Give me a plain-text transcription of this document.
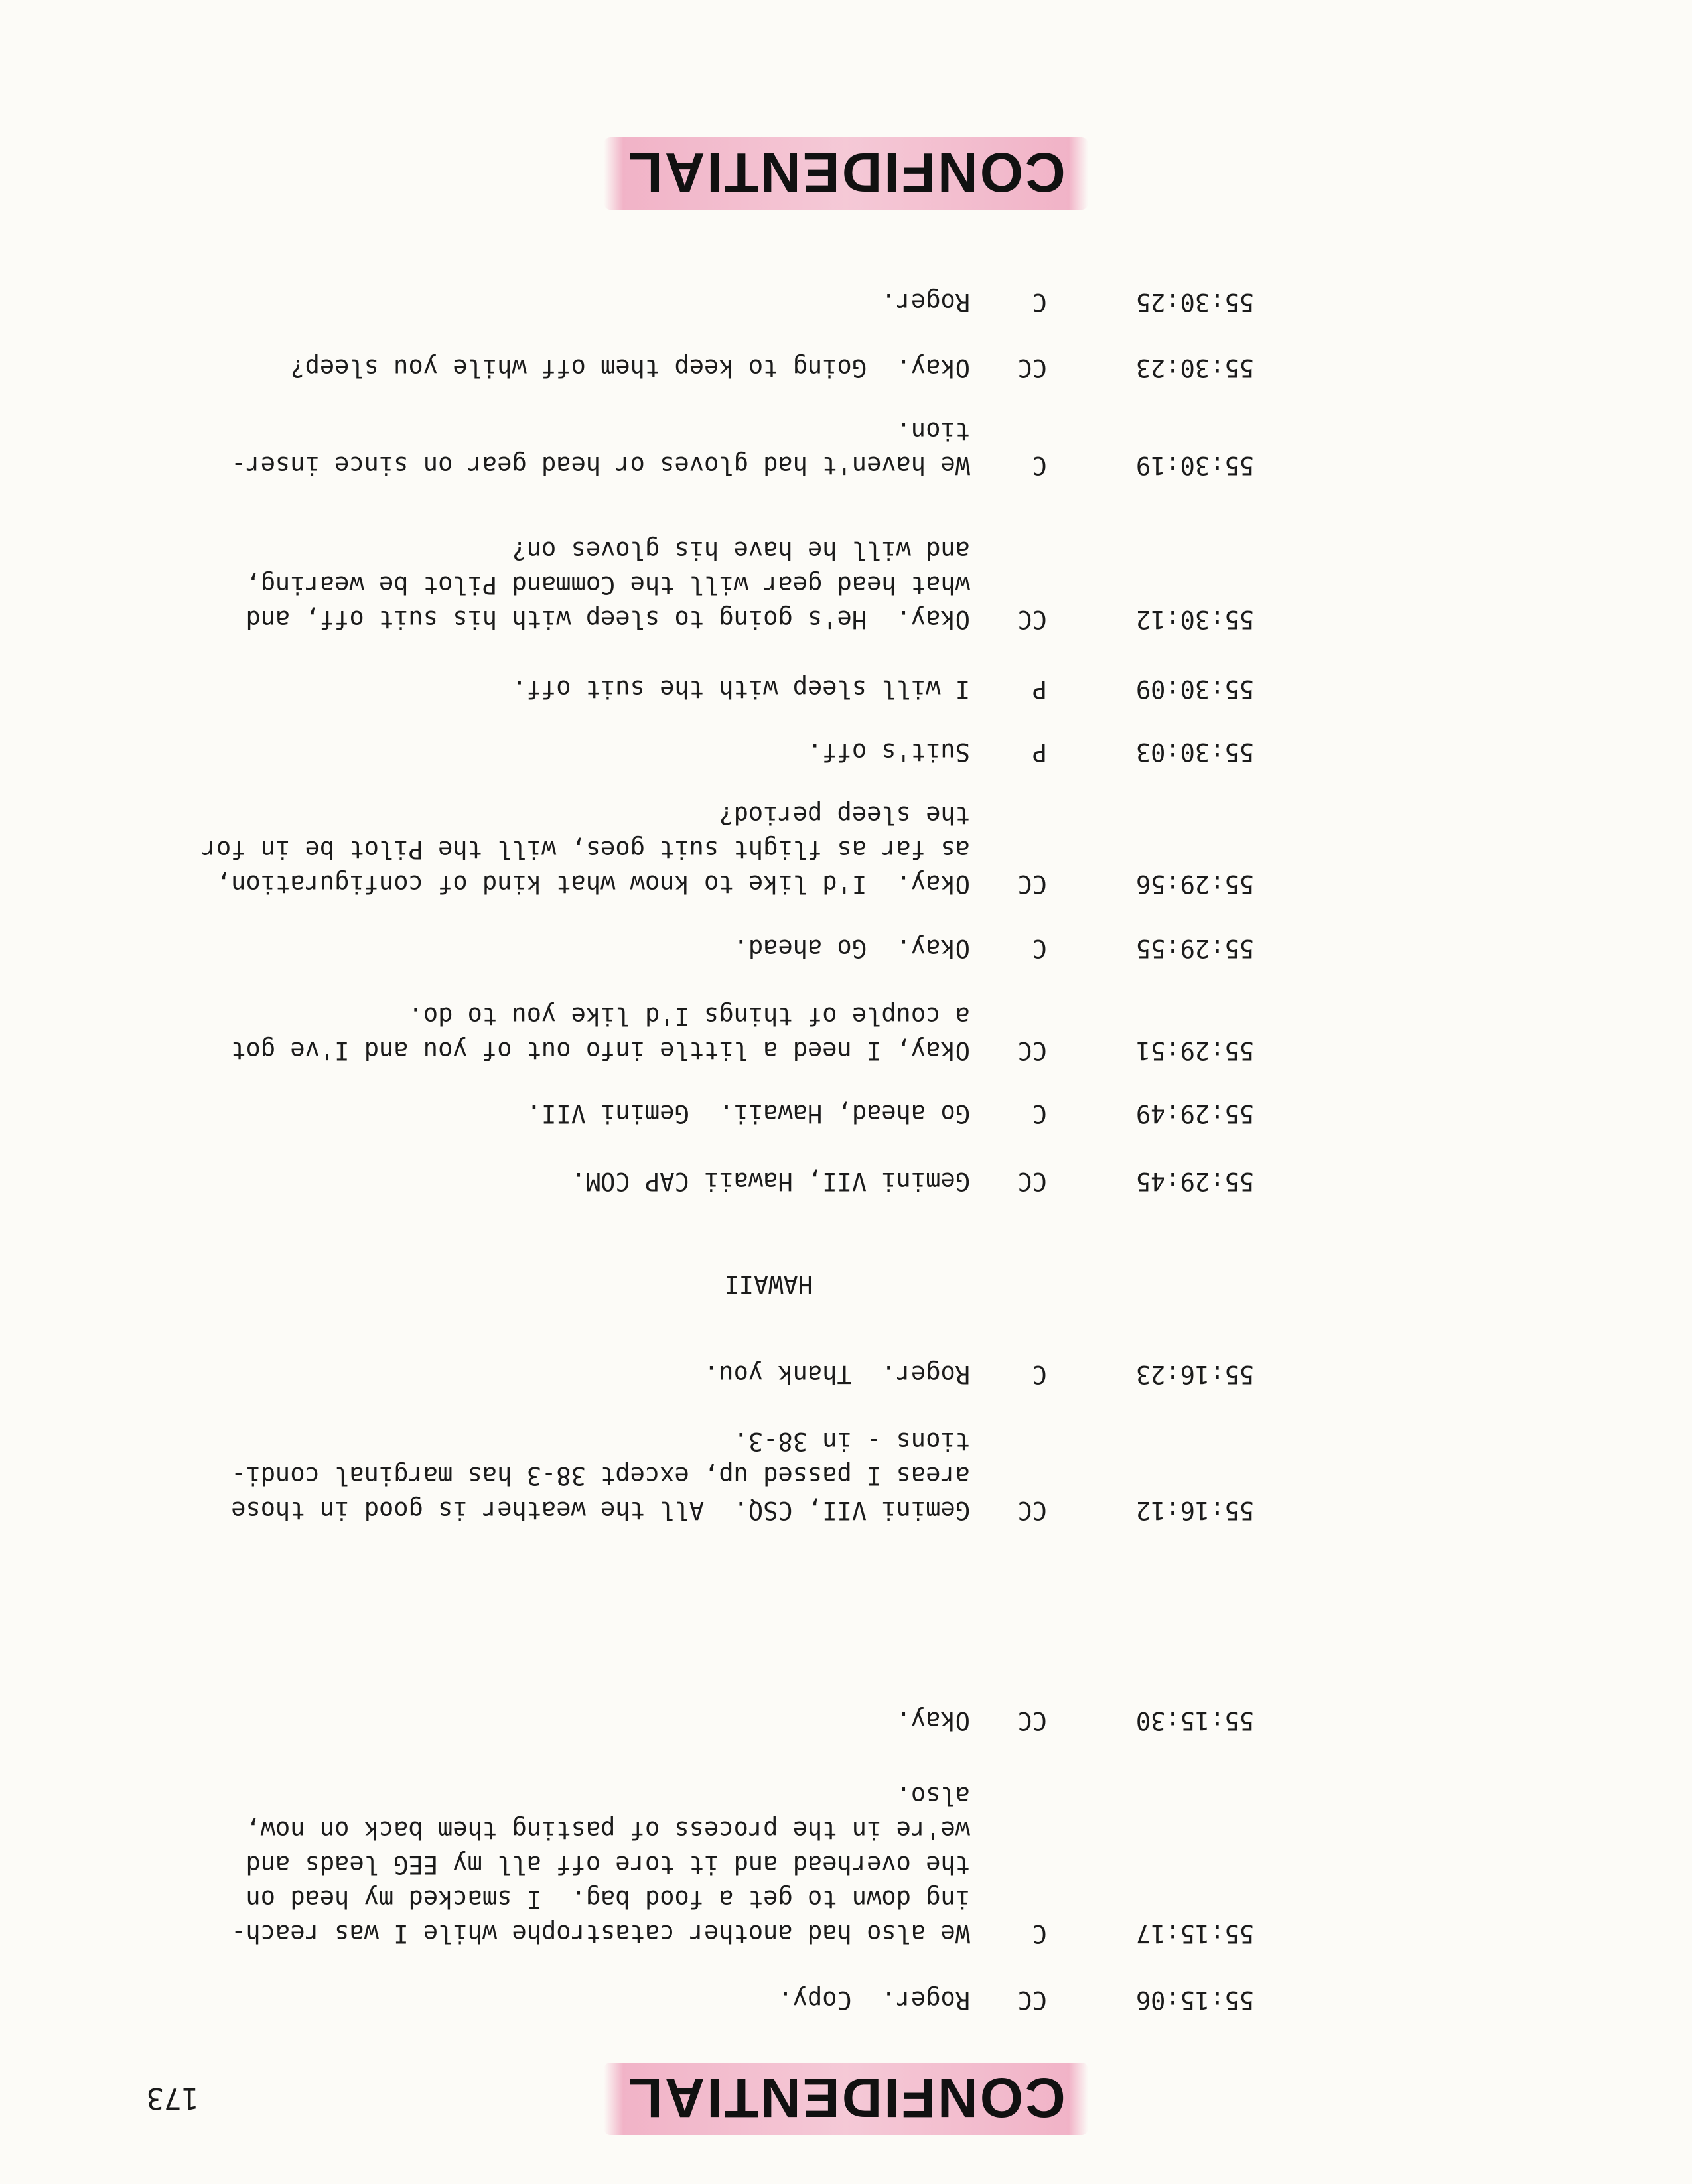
173	CONFIDENTIAL
55:15:06
CC
Roger.  Copy.
55:15:17
C
We also had another catastrophe while I was reach-
ing down to get a food bag.  I smacked my head on
the overhead and it tore off all my EEG leads and
we're in the process of pasting them back on now,
also.
55:15:30
CC
Okay.
55:16:12
CC
Gemini VII, CSQ.  All the weather is good in those
areas I passed up, except 38-3 has marginal condi-
tions - in 38-3.
55:16:23
C
Roger.  Thank you.
HAWAII
55:29:45
CC
Gemini VII, Hawaii CAP COM.
55:29:49
C
Go ahead, Hawaii.  Gemini VII.
55:29:51
CC
Okay, I need a little info out of you and I've got
a couple of things I'd like you to do.
55:29:55
C
Okay.  Go ahead.
55:29:56
CC
Okay.  I'd like to know what kind of configuration,
as far as flight suit goes, will the Pilot be in for
the sleep period?
55:30:03
P
Suit's off.
55:30:09
P
I will sleep with the suit off.
55:30:12
CC
Okay.  He's going to sleep with his suit off, and
what head gear will the Command Pilot be wearing,
and will he have his gloves on?
55:30:19
C
We haven't had gloves or head gear on since inser-
tion.
55:30:23
CC
Okay.  Going to keep them off while you sleep?
55:30:25
C
Roger.
CONFIDENTIAL
